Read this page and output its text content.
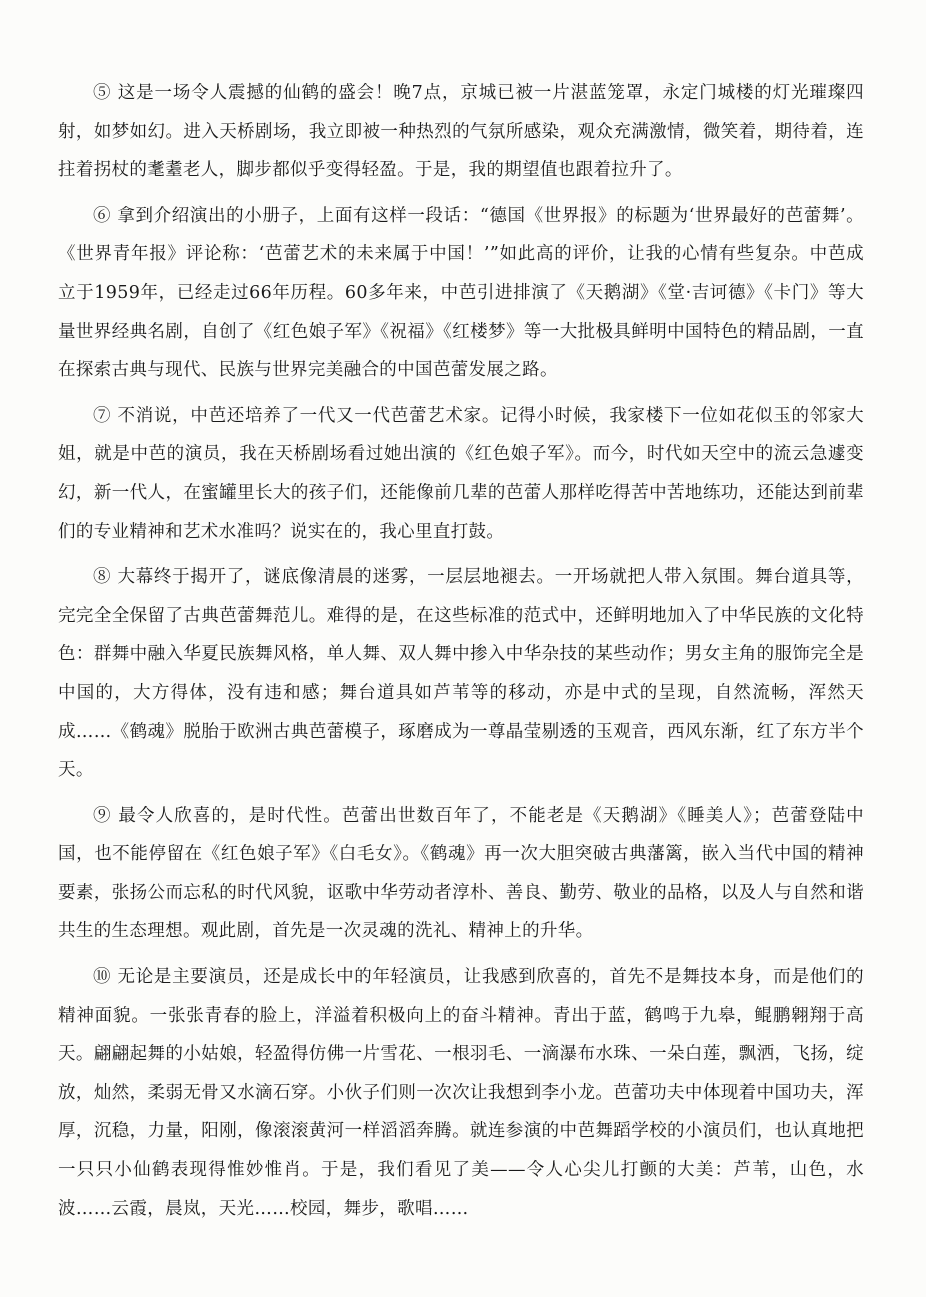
⑤ 这是一场令人震撼的仙鹤的盛会！晚7点，京城已被一片湛蓝笼罩，永定门城楼的灯光璀璨四射，如梦如幻。进入天桥剧场，我立即被一种热烈的气氛所感染，观众充满激情，微笑着，期待着，连拄着拐杖的耄耋老人，脚步都似乎变得轻盈。于是，我的期望值也跟着拉升了。

⑥ 拿到介绍演出的小册子，上面有这样一段话：“德国《世界报》的标题为‘世界最好的芭蕾舞’。《世界青年报》评论称：‘芭蕾艺术的未来属于中国！’”如此高的评价，让我的心情有些复杂。中芭成立于1959年，已经走过66年历程。60多年来，中芭引进排演了《天鹅湖》《堂·吉诃德》《卡门》等大量世界经典名剧，自创了《红色娘子军》《祝福》《红楼梦》等一大批极具鲜明中国特色的精品剧，一直在探索古典与现代、民族与世界完美融合的中国芭蕾发展之路。

⑦ 不消说，中芭还培养了一代又一代芭蕾艺术家。记得小时候，我家楼下一位如花似玉的邻家大姐，就是中芭的演员，我在天桥剧场看过她出演的《红色娘子军》。而今，时代如天空中的流云急遽变幻，新一代人，在蜜罐里长大的孩子们，还能像前几辈的芭蕾人那样吃得苦中苦地练功，还能达到前辈们的专业精神和艺术水准吗？说实在的，我心里直打鼓。

⑧ 大幕终于揭开了，谜底像清晨的迷雾，一层层地褪去。一开场就把人带入氛围。舞台道具等，完完全全保留了古典芭蕾舞范儿。难得的是，在这些标准的范式中，还鲜明地加入了中华民族的文化特色：群舞中融入华夏民族舞风格，单人舞、双人舞中掺入中华杂技的某些动作；男女主角的服饰完全是中国的，大方得体，没有违和感；舞台道具如芦苇等的移动，亦是中式的呈现，自然流畅，浑然天成……《鹤魂》脱胎于欧洲古典芭蕾模子，琢磨成为一尊晶莹剔透的玉观音，西风东渐，红了东方半个天。

⑨ 最令人欣喜的，是时代性。芭蕾出世数百年了，不能老是《天鹅湖》《睡美人》；芭蕾登陆中国，也不能停留在《红色娘子军》《白毛女》。《鹤魂》再一次大胆突破古典藩篱，嵌入当代中国的精神要素，张扬公而忘私的时代风貌，讴歌中华劳动者淳朴、善良、勤劳、敬业的品格，以及人与自然和谐共生的生态理想。观此剧，首先是一次灵魂的洗礼、精神上的升华。

⑩ 无论是主要演员，还是成长中的年轻演员，让我感到欣喜的，首先不是舞技本身，而是他们的精神面貌。一张张青春的脸上，洋溢着积极向上的奋斗精神。青出于蓝，鹤鸣于九皋，鲲鹏翱翔于高天。翩翩起舞的小姑娘，轻盈得仿佛一片雪花、一根羽毛、一滴瀑布水珠、一朵白莲，飘洒，飞扬，绽放，灿然，柔弱无骨又水滴石穿。小伙子们则一次次让我想到李小龙。芭蕾功夫中体现着中国功夫，浑厚，沉稳，力量，阳刚，像滚滚黄河一样滔滔奔腾。就连参演的中芭舞蹈学校的小演员们，也认真地把一只只小仙鹤表现得惟妙惟肖。于是，我们看见了美——令人心尖儿打颤的大美：芦苇，山色，水波……云霞，晨岚，天光……校园，舞步，歌唱……
